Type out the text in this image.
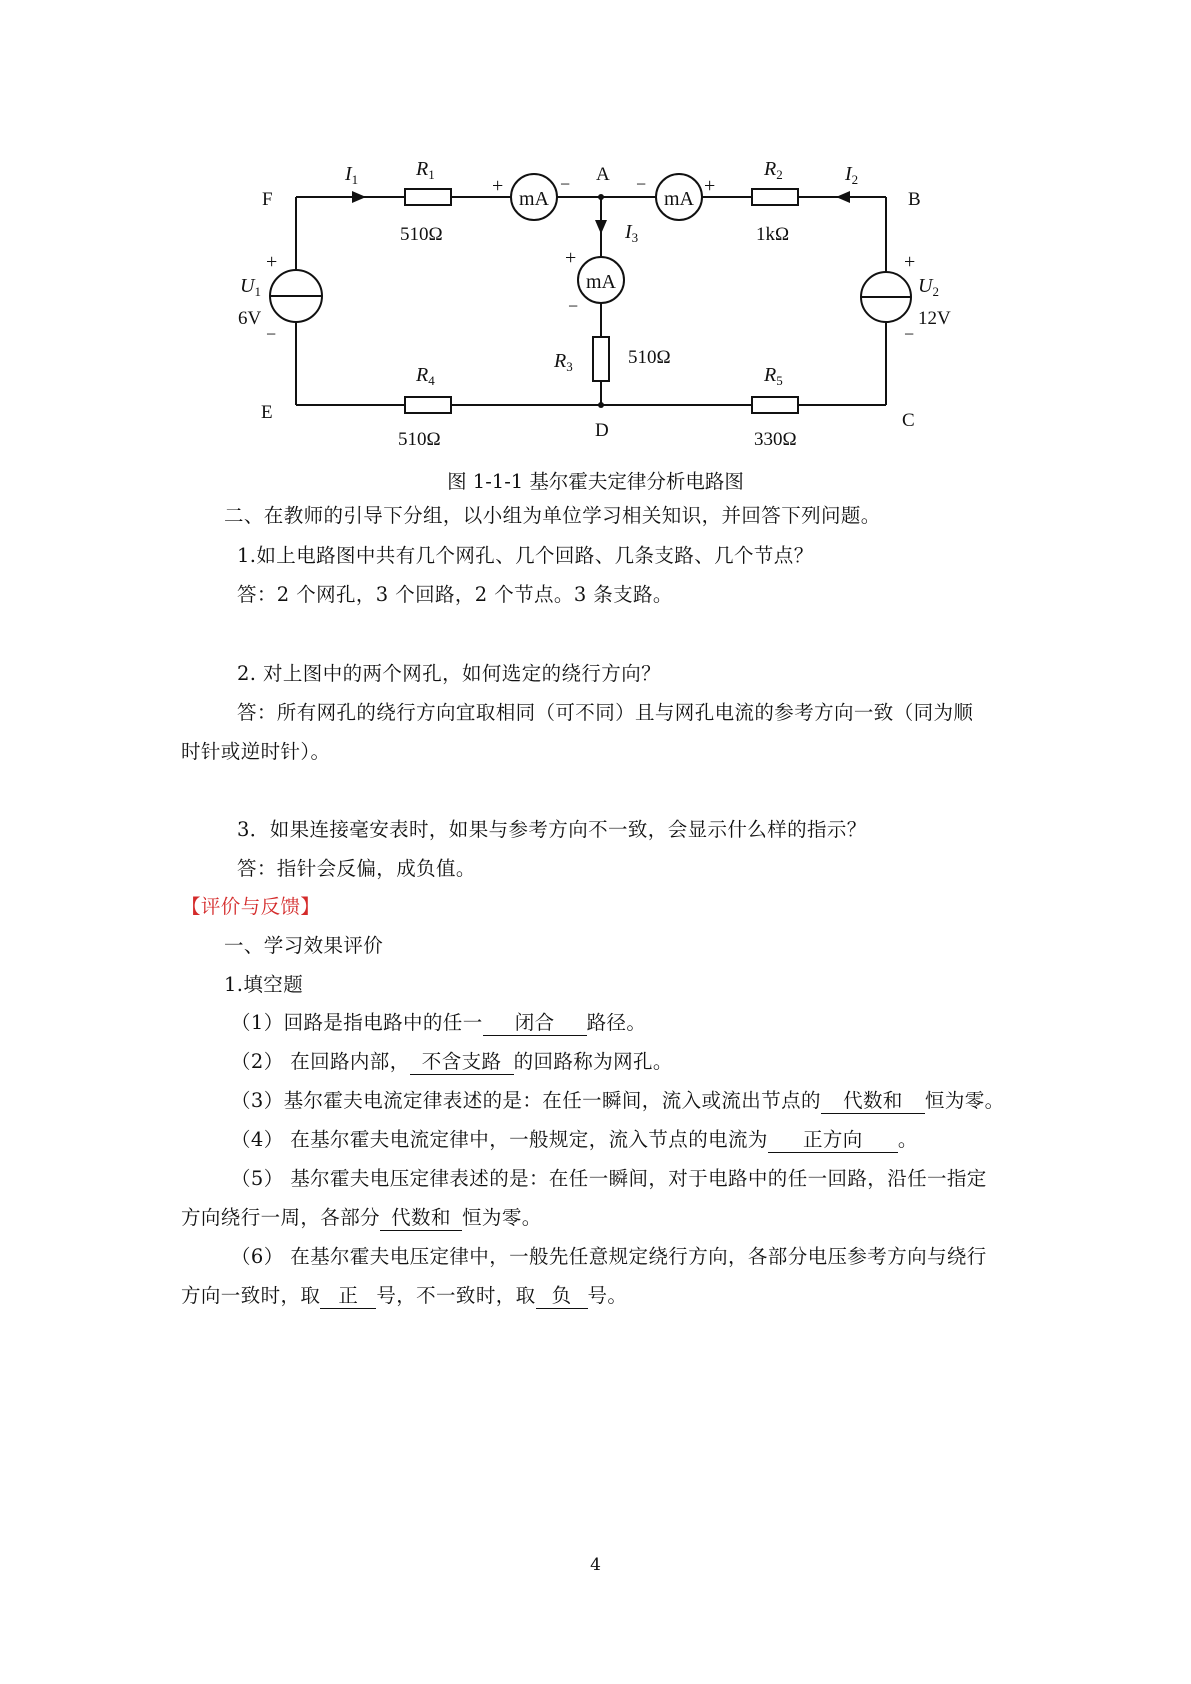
mA	mA
mA
F
A
B
E
D	C
$I_1$	$I_2$
$I_3$
$R_1$	$R_2$
$R_3$
$R_4$	$R_5$
510Ω	1kΩ
510Ω
510Ω	330Ω
$U_1$
6V
$U_2$
12V
+
−
+
−
+	−	−	+
+
−
图 1-1-1 基尔霍夫定律分析电路图
二、在教师的引导下分组，以小组为单位学习相关知识，并回答下列问题。
1.如上电路图中共有几个网孔、几个回路、几条支路、几个节点？
答：2 个网孔，3 个回路，2 个节点。3 条支路。
2. 对上图中的两个网孔，如何选定的绕行方向？
答：所有网孔的绕行方向宜取相同（可不同）且与网孔电流的参考方向一致（同为顺
时针或逆时针）。
3．如果连接毫安表时，如果与参考方向不一致，会显示什么样的指示？
答：指针会反偏，成负值。
【评价与反馈】
一、学习效果评价
1.填空题
（1）回路是指电路中的任一 闭合 路径。
（2） 在回路内部， 不含支路 的回路称为网孔。
（3）基尔霍夫电流定律表述的是：在任一瞬间，流入或流出节点的 代数和 恒为零。
（4） 在基尔霍夫电流定律中，一般规定，流入节点的电流为 正方向 。
（5） 基尔霍夫电压定律表述的是：在任一瞬间，对于电路中的任一回路，沿任一指定
方向绕行一周，各部分 代数和 恒为零。
（6） 在基尔霍夫电压定律中，一般先任意规定绕行方向，各部分电压参考方向与绕行
方向一致时，取 正 号，不一致时，取 负 号。
4
